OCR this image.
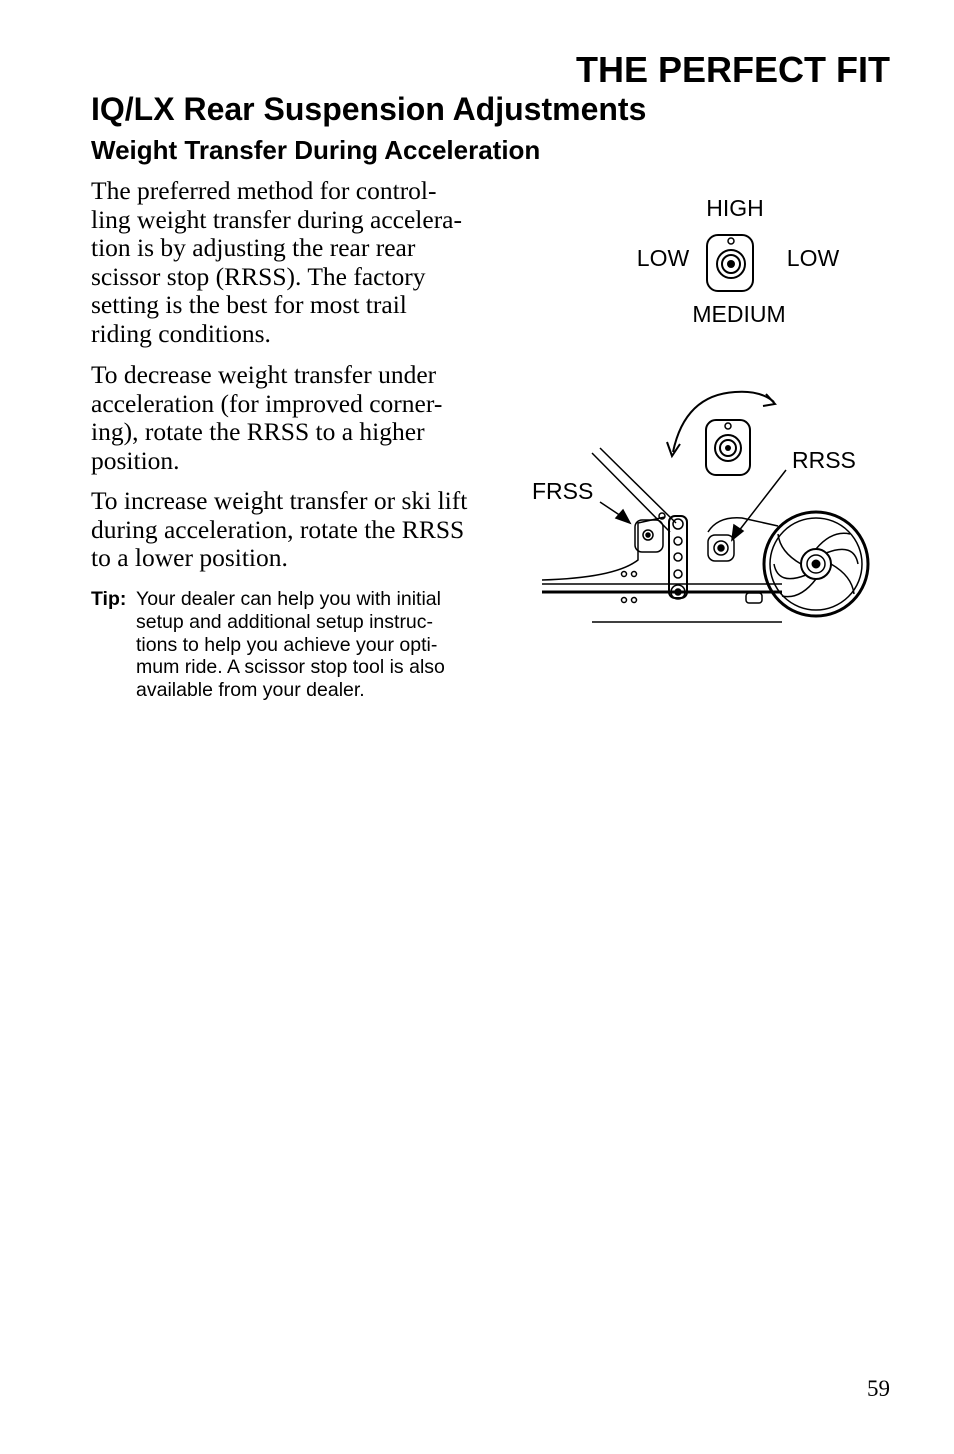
THE PERFECT FIT
IQ/LX Rear Suspension Adjustments
Weight Transfer During Acceleration

The preferred method for control-
ling weight transfer during accelera-
tion is by adjusting the rear rear
scissor stop (RRSS). The factory
setting is the best for most trail
riding conditions.

To decrease weight transfer under
acceleration (for improved corner-
ing), rotate the RRSS to a higher
position.

To increase weight transfer or ski lift
during acceleration, rotate the RRSS
to a lower position.

Tip: Your dealer can help you with initial
setup and additional setup instruc-
tions to help you achieve your opti-
mum ride. A scissor stop tool is also
available from your dealer.
HIGH
LOW	LOW
MEDIUM
RRSS
FRSS
59
